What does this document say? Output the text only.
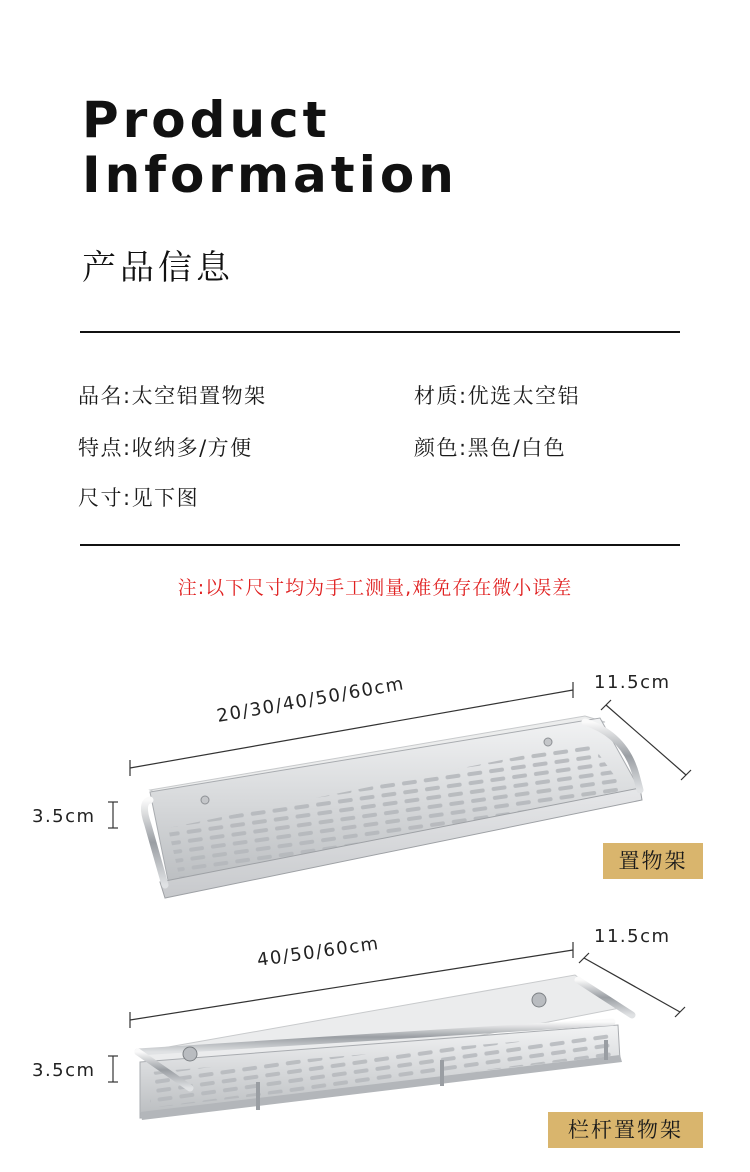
Product
Information
产品信息
品名:太空铝置物架	材质:优选太空铝
特点:收纳多/方便	颜色:黑色/白色
尺寸:见下图
注:以下尺寸均为手工测量,难免存在微小误差
20/30/40/50/60cm	11.5cm
3.5cm
40/50/60cm	11.5cm
3.5cm
置物架
栏杆置物架
